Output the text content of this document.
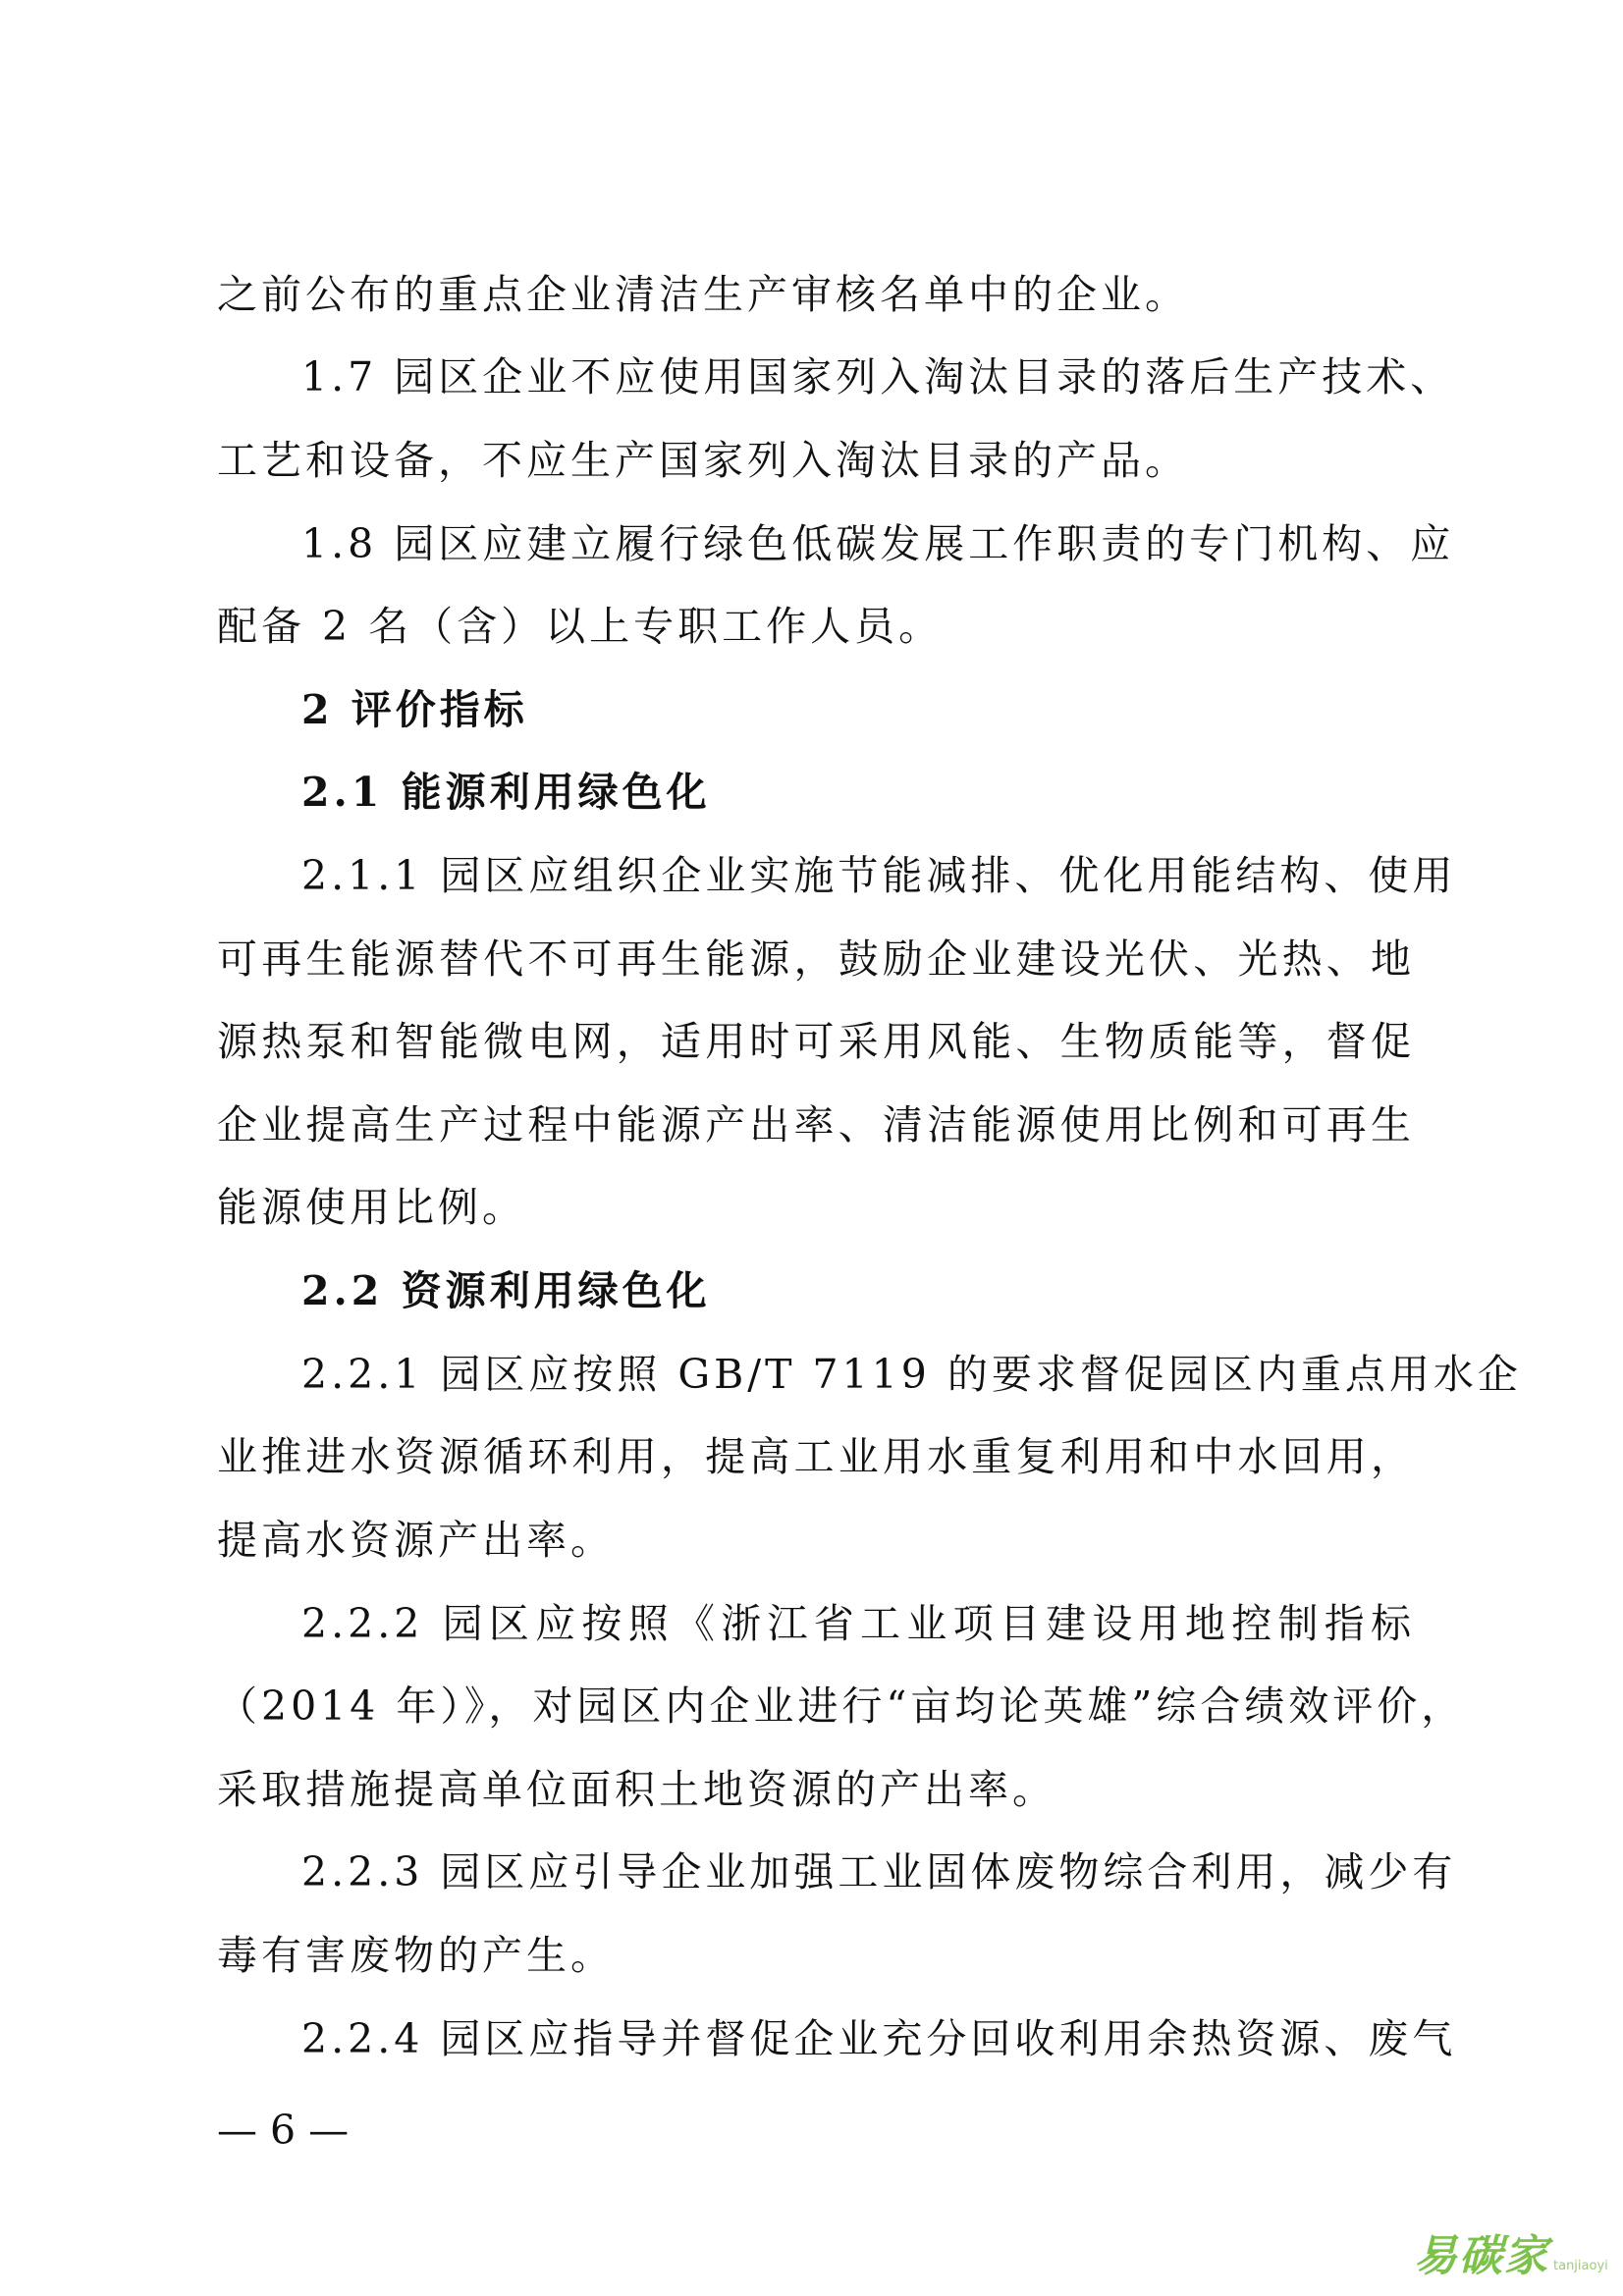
之前公布的重点企业清洁生产审核名单中的企业。
1.7 园区企业不应使用国家列入淘汰目录的落后生产技术、
工艺和设备，不应生产国家列入淘汰目录的产品。
1.8 园区应建立履行绿色低碳发展工作职责的专门机构、应
配备 2 名（含）以上专职工作人员。
2 评价指标
2.1 能源利用绿色化
2.1.1 园区应组织企业实施节能减排、优化用能结构、使用
可再生能源替代不可再生能源，鼓励企业建设光伏、光热、地
源热泵和智能微电网，适用时可采用风能、生物质能等，督促
企业提高生产过程中能源产出率、清洁能源使用比例和可再生
能源使用比例。
2.2 资源利用绿色化
2.2.1 园区应按照 GB/T 7119 的要求督促园区内重点用水企
业推进水资源循环利用，提高工业用水重复利用和中水回用，
提高水资源产出率。
2.2.2 园区应按照《浙江省工业项目建设用地控制指标
（2014 年）》，对园区内企业进行“亩均论英雄”综合绩效评价，
采取措施提高单位面积土地资源的产出率。
2.2.3 园区应引导企业加强工业固体废物综合利用，减少有
毒有害废物的产生。
2.2.4 园区应指导并督促企业充分回收利用余热资源、废气
— 6 —
易碳家 tanjiaoyi
